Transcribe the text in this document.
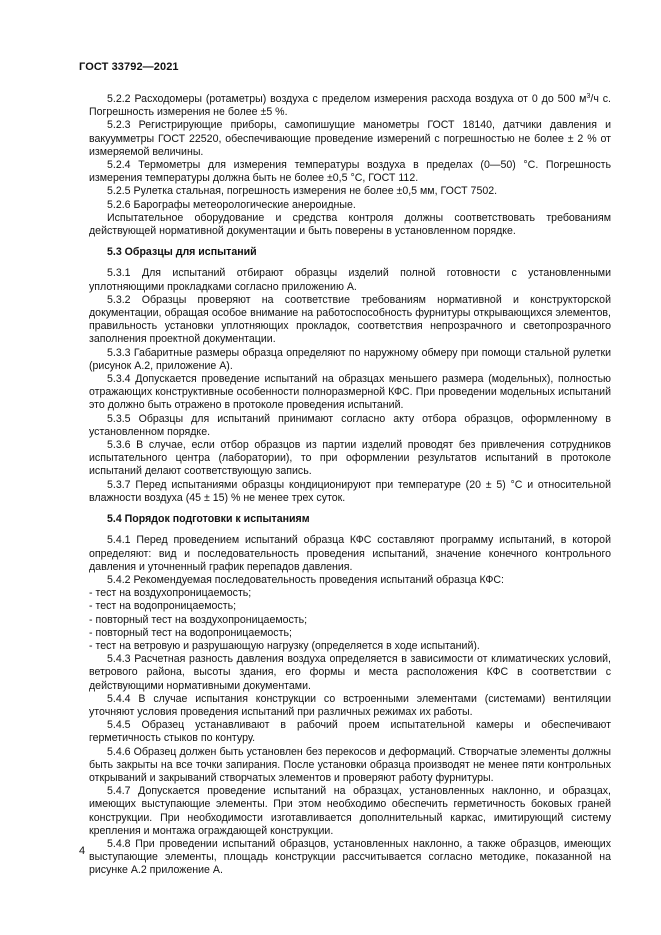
ГОСТ 33792—2021

5.2.2 Расходомеры (ротаметры) воздуха с пределом измерения расхода воздуха от 0 до 500 $м^3/ч$ с. Погрешность измерения не более ±5 %.

5.2.3 Регистрирующие приборы, самопишущие манометры ГОСТ 18140, датчики давления и вакуумметры ГОСТ 22520, обеспечивающие проведение измерений с погрешностью не более ± 2 % от измеряемой величины.

5.2.4 Термометры для измерения температуры воздуха в пределах (0—50) °С. Погрешность измерения температуры должна быть не более ±0,5 °С, ГОСТ 112.

5.2.5 Рулетка стальная, погрешность измерения не более ±0,5 мм, ГОСТ 7502.

5.2.6 Барографы метеорологические анероидные.

Испытательное оборудование и средства контроля должны соответствовать требованиям действующей нормативной документации и быть поверены в установленном порядке.

5.3 Образцы для испытаний

5.3.1 Для испытаний отбирают образцы изделий полной готовности с установленными уплотняющими прокладками согласно приложению А.

5.3.2 Образцы проверяют на соответствие требованиям нормативной и конструкторской документации, обращая особое внимание на работоспособность фурнитуры открывающихся элементов, правильность установки уплотняющих прокладок, соответствия непрозрачного и светопрозрачного заполнения проектной документации.

5.3.3 Габаритные размеры образца определяют по наружному обмеру при помощи стальной рулетки (рисунок А.2, приложение А).

5.3.4 Допускается проведение испытаний на образцах меньшего размера (модельных), полностью отражающих конструктивные особенности полноразмерной КФС. При проведении модельных испытаний это должно быть отражено в протоколе проведения испытаний.

5.3.5 Образцы для испытаний принимают согласно акту отбора образцов, оформленному в установленном порядке.

5.3.6 В случае, если отбор образцов из партии изделий проводят без привлечения сотрудников испытательного центра (лаборатории), то при оформлении результатов испытаний в протоколе испытаний делают соответствующую запись.

5.3.7 Перед испытаниями образцы кондиционируют при температуре (20 ± 5) °С и относительной влажности воздуха (45 ± 15) % не менее трех суток.

5.4 Порядок подготовки к испытаниям

5.4.1 Перед проведением испытаний образца КФС составляют программу испытаний, в которой определяют: вид и последовательность проведения испытаний, значение конечного контрольного давления и уточненный график перепадов давления.

5.4.2 Рекомендуемая последовательность проведения испытаний образца КФС:

- тест на воздухопроницаемость;

- тест на водопроницаемость;

- повторный тест на воздухопроницаемость;

- повторный тест на водопроницаемость;

- тест на ветровую и разрушающую нагрузку (определяется в ходе испытаний).

5.4.3 Расчетная разность давления воздуха определяется в зависимости от климатических условий, ветрового района, высоты здания, его формы и места расположения КФС в соответствии с действующими нормативными документами.

5.4.4 В случае испытания конструкции со встроенными элементами (системами) вентиляции уточняют условия проведения испытаний при различных режимах их работы.

5.4.5 Образец устанавливают в рабочий проем испытательной камеры и обеспечивают герметичность стыков по контуру.

5.4.6 Образец должен быть установлен без перекосов и деформаций. Створчатые элементы должны быть закрыты на все точки запирания. После установки образца производят не менее пяти контрольных открываний и закрываний створчатых элементов и проверяют работу фурнитуры.

5.4.7 Допускается проведение испытаний на образцах, установленных наклонно, и образцах, имеющих выступающие элементы. При этом необходимо обеспечить герметичность боковых граней конструкции. При необходимости изготавливается дополнительный каркас, имитирующий систему крепления и монтажа ограждающей конструкции.

5.4.8 При проведении испытаний образцов, установленных наклонно, а также образцов, имеющих выступающие элементы, площадь конструкции рассчитывается согласно методике, показанной на рисунке А.2 приложение А.

4
